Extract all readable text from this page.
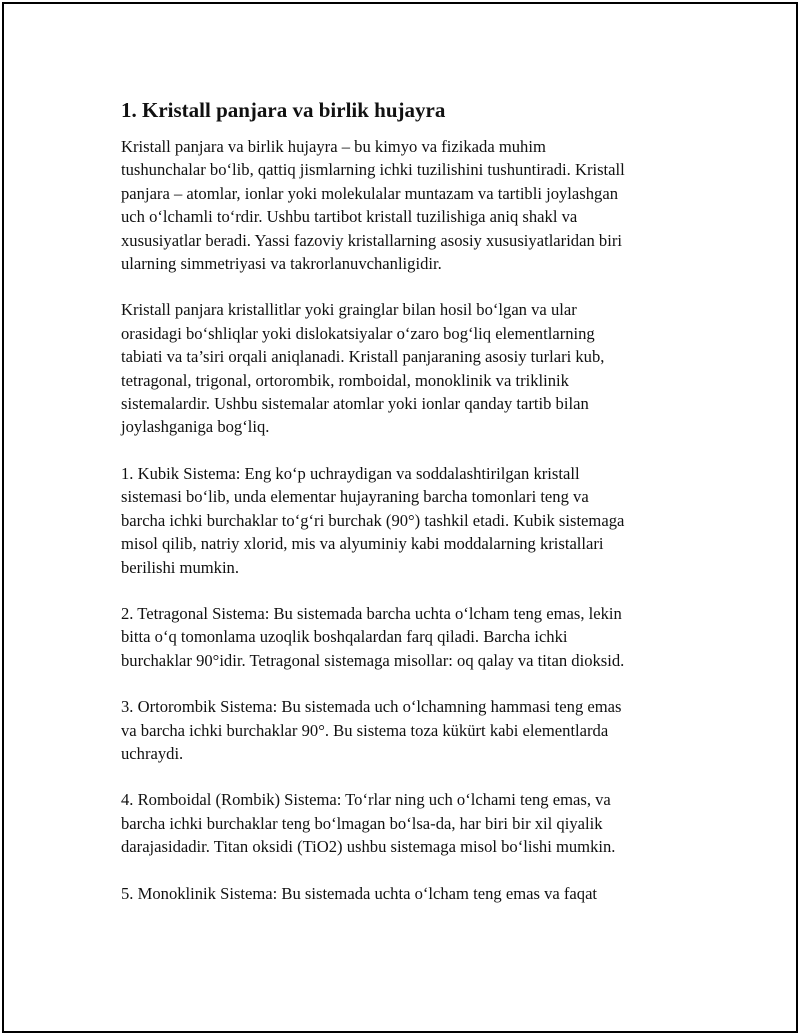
1. Kristall panjara va birlik hujayra

Kristall panjara va birlik hujayra – bu kimyo va fizikada muhim
tushunchalar bo‘lib, qattiq jismlarning ichki tuzilishini tushuntiradi. Kristall
panjara – atomlar, ionlar yoki molekulalar muntazam va tartibli joylashgan
uch o‘lchamli to‘rdir. Ushbu tartibot kristall tuzilishiga aniq shakl va
xususiyatlar beradi. Yassi fazoviy kristallarning asosiy xususiyatlaridan biri
ularning simmetriyasi va takrorlanuvchanligidir.

Kristall panjara kristallitlar yoki grainglar bilan hosil bo‘lgan va ular
orasidagi bo‘shliqlar yoki dislokatsiyalar o‘zaro bog‘liq elementlarning
tabiati va ta’siri orqali aniqlanadi. Kristall panjaraning asosiy turlari kub,
tetragonal, trigonal, ortorombik, romboidal, monoklinik va triklinik
sistemalardir. Ushbu sistemalar atomlar yoki ionlar qanday tartib bilan
joylashganiga bog‘liq.

1. Kubik Sistema: Eng ko‘p uchraydigan va soddalashtirilgan kristall
sistemasi bo‘lib, unda elementar hujayraning barcha tomonlari teng va
barcha ichki burchaklar to‘g‘ri burchak (90°) tashkil etadi. Kubik sistemaga
misol qilib, natriy xlorid, mis va alyuminiy kabi moddalarning kristallari
berilishi mumkin.

2. Tetragonal Sistema: Bu sistemada barcha uchta o‘lcham teng emas, lekin
bitta o‘q tomonlama uzoqlik boshqalardan farq qiladi. Barcha ichki
burchaklar 90°idir. Tetragonal sistemaga misollar: oq qalay va titan dioksid.

3. Ortorombik Sistema: Bu sistemada uch o‘lchamning hammasi teng emas
va barcha ichki burchaklar 90°. Bu sistema toza kükürt kabi elementlarda
uchraydi.

4. Romboidal (Rombik) Sistema: To‘rlar ning uch o‘lchami teng emas, va
barcha ichki burchaklar teng bo‘lmagan bo‘lsa-da, har biri bir xil qiyalik
darajasidadir. Titan oksidi (TiO2) ushbu sistemaga misol bo‘lishi mumkin.

5. Monoklinik Sistema: Bu sistemada uchta o‘lcham teng emas va faqat
